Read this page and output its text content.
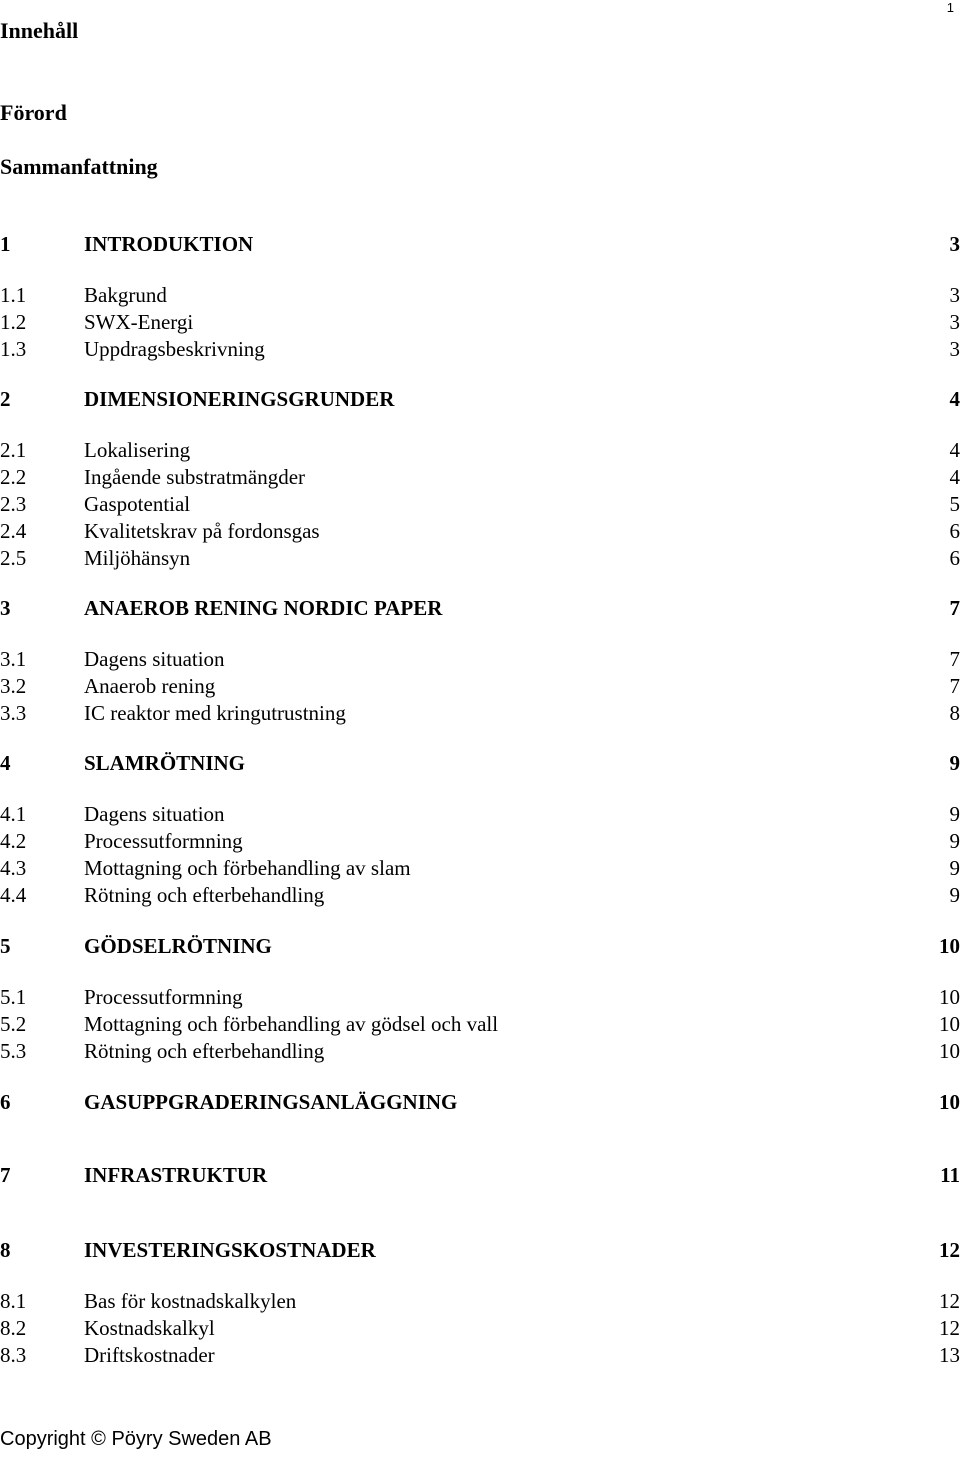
1
Innehåll
Förord
Sammanfattning
1	INTRODUKTION	3
1.1	Bakgrund	3
1.2	SWX-Energi	3
1.3	Uppdragsbeskrivning	3
2	DIMENSIONERINGSGRUNDER	4
2.1	Lokalisering	4
2.2	Ingående substratmängder	4
2.3	Gaspotential	5
2.4	Kvalitetskrav på fordonsgas	6
2.5	Miljöhänsyn	6
3	ANAEROB RENING NORDIC PAPER	7
3.1	Dagens situation	7
3.2	Anaerob rening	7
3.3	IC reaktor med kringutrustning	8
4	SLAMRÖTNING	9
4.1	Dagens situation	9
4.2	Processutformning	9
4.3	Mottagning och förbehandling av slam	9
4.4	Rötning och efterbehandling	9
5	GÖDSELRÖTNING	10
5.1	Processutformning	10
5.2	Mottagning och förbehandling av gödsel och vall	10
5.3	Rötning och efterbehandling	10
6	GASUPPGRADERINGSANLÄGGNING	10
7	INFRASTRUKTUR	11
8	INVESTERINGSKOSTNADER	12
8.1	Bas för kostnadskalkylen	12
8.2	Kostnadskalkyl	12
8.3	Driftskostnader	13
Copyright © Pöyry Sweden AB
